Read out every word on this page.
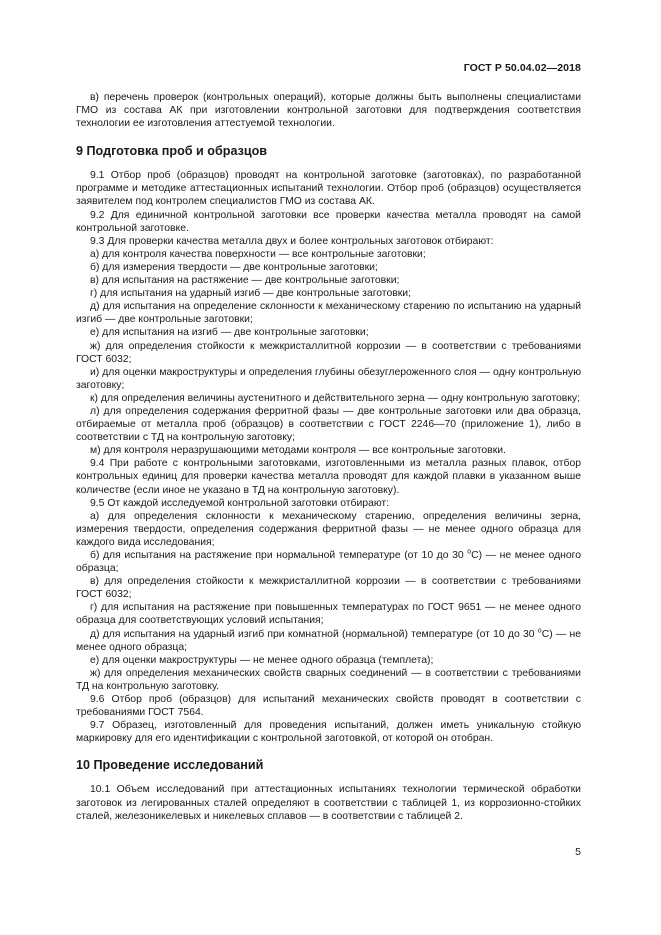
ГОСТ Р 50.04.02—2018

в) перечень проверок (контрольных операций), которые должны быть выполнены специалистами ГМО из состава АК при изготовлении контрольной заготовки для подтверждения соответствия технологии ее изготовления аттестуемой технологии.

9 Подготовка проб и образцов

9.1 Отбор проб (образцов) проводят на контрольной заготовке (заготовках), по разработанной программе и методике аттестационных испытаний технологии. Отбор проб (образцов) осуществляется заявителем под контролем специалистов ГМО из состава АК.

9.2 Для единичной контрольной заготовки все проверки качества металла проводят на самой контрольной заготовке.

9.3 Для проверки качества металла двух и более контрольных заготовок отбирают:

а) для контроля качества поверхности — все контрольные заготовки;

б) для измерения твердости — две контрольные заготовки;

в) для испытания на растяжение — две контрольные заготовки;

г) для испытания на ударный изгиб — две контрольные заготовки;

д) для испытания на определение склонности к механическому старению по испытанию на ударный изгиб — две контрольные заготовки;

е) для испытания на изгиб — две контрольные заготовки;

ж) для определения стойкости к межкристаллитной коррозии — в соответствии с требованиями ГОСТ 6032;

и) для оценки макроструктуры и определения глубины обезуглероженного слоя — одну контрольную заготовку;

к) для определения величины аустенитного и действительного зерна — одну контрольную заготовку;

л) для определения содержания ферритной фазы — две контрольные заготовки или два образца, отбираемые от металла проб (образцов) в соответствии с ГОСТ 2246—70 (приложение 1), либо в соответствии с ТД на контрольную заготовку;

м) для контроля неразрушающими методами контроля — все контрольные заготовки.

9.4 При работе с контрольными заготовками, изготовленными из металла разных плавок, отбор контрольных единиц для проверки качества металла проводят для каждой плавки в указанном выше количестве (если иное не указано в ТД на контрольную заготовку).

9.5 От каждой исследуемой контрольной заготовки отбирают:

а) для определения склонности к механическому старению, определения величины зерна, измерения твердости, определения содержания ферритной фазы — не менее одного образца для каждого вида исследования;

б) для испытания на растяжение при нормальной температуре (от 10 до 30 $^о$С) — не менее одного образца;

в) для определения стойкости к межкристаллитной коррозии — в соответствии с требованиями ГОСТ 6032;

г) для испытания на растяжение при повышенных температурах по ГОСТ 9651 — не менее одного образца для соответствующих условий испытания;

д) для испытания на ударный изгиб при комнатной (нормальной) температуре (от 10 до 30 $^о$С) — не менее одного образца;

е) для оценки макроструктуры — не менее одного образца (темплета);

ж) для определения механических свойств сварных соединений — в соответствии с требованиями ТД на контрольную заготовку.

9.6 Отбор проб (образцов) для испытаний механических свойств проводят в соответствии с требованиями ГОСТ 7564.

9.7 Образец, изготовленный для проведения испытаний, должен иметь уникальную стойкую маркировку для его идентификации с контрольной заготовкой, от которой он отобран.

10 Проведение исследований

10.1 Объем исследований при аттестационных испытаниях технологии термической обработки заготовок из легированных сталей определяют в соответствии с таблицей 1, из коррозионно-стойких сталей, железоникелевых и никелевых сплавов — в соответствии с таблицей 2.

5
